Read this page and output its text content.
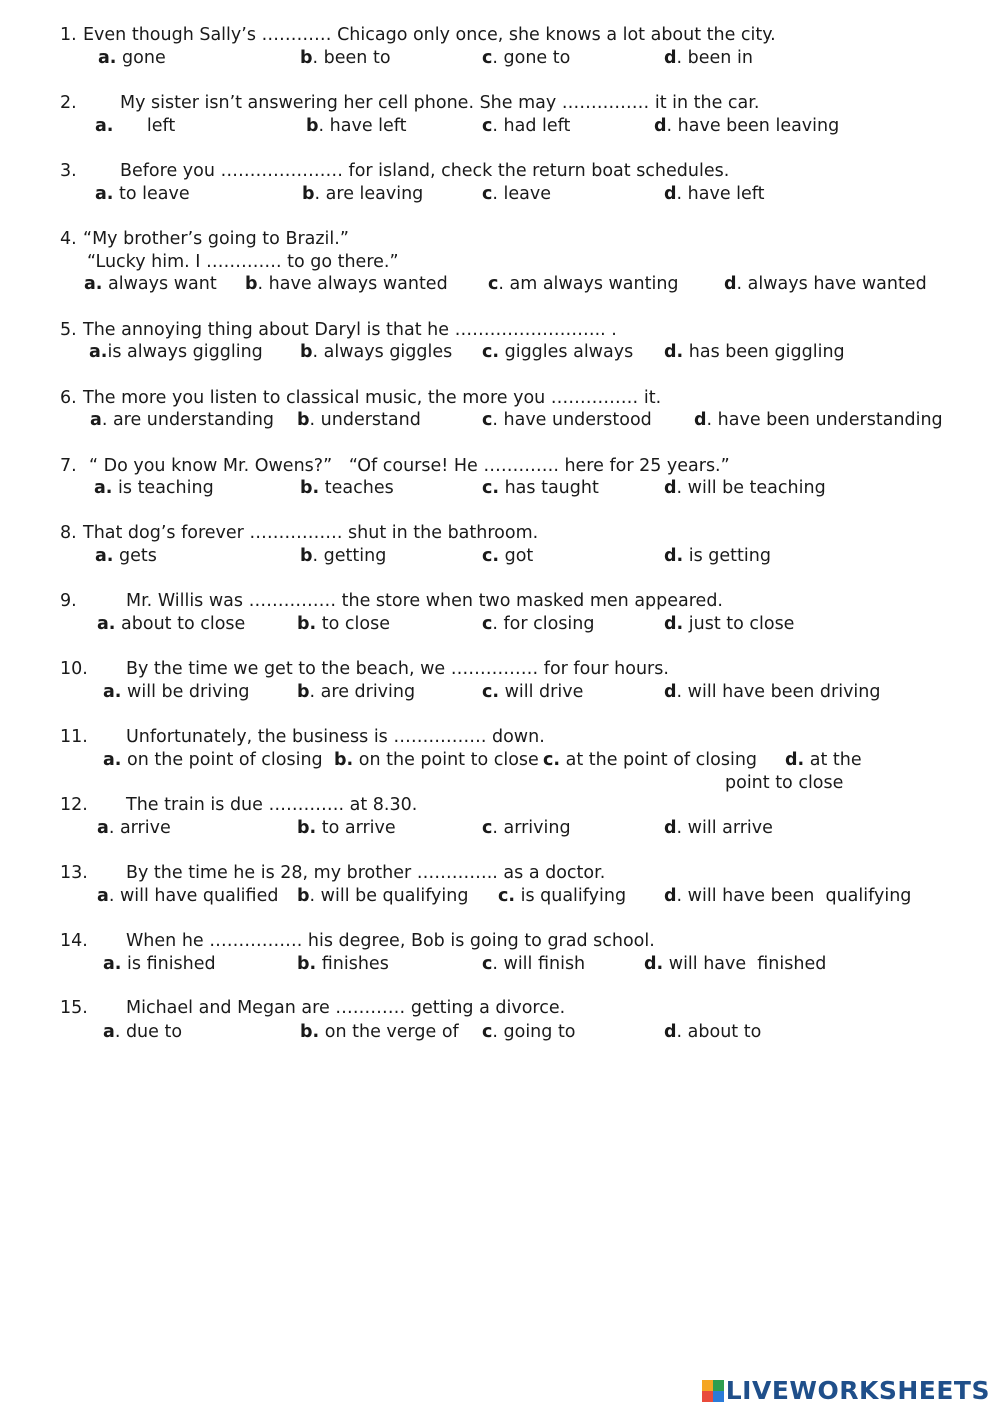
1. Even though Sally’s ………… Chicago only once, she knows a lot about the city.
a. gone	b. been to	c. gone to	d. been in
2. My sister isn’t answering her cell phone. She may …………… it in the car.
a.      left	b. have left	c. had left	d. have been leaving
3. Before you ………………… for island, check the return boat schedules.
a. to leave	b. are leaving	c. leave	d. have left
4. “My brother’s going to Brazil.”
“Lucky him. I …………. to go there.”
a. always want b. have always wanted c. am always wanting	d. always have wanted
5. The annoying thing about Daryl is that he …………………….. .
a.is always giggling b. always giggles c. giggles always d. has been giggling
6. The more you listen to classical music, the more you …………… it.
a. are understanding b. understand	c. have understood d. have been understanding
7. “ Do you know Mr. Owens?”   “Of course! He …………. here for 25 years.”
a. is teaching	b. teaches	c. has taught	d. will be teaching
8. That dog’s forever ……………. shut in the bathroom.
a. gets	b. getting	c. got	d. is getting
9.	Mr. Willis was …………… the store when two masked men appeared.
a. about to close	b. to close	c. for closing	d. just to close
10. By the time we get to the beach, we …………… for four hours.
a. will be driving	b. are driving	c. will drive	d. will have been driving
11. Unfortunately, the business is ……………. down.
a. on the point of closing b. on the point to close c. at the point of closing d. at the
point to close
12. The train is due …………. at 8.30.
a. arrive	b. to arrive	c. arriving	d. will arrive
13. By the time he is 28, my brother ………….. as a doctor.
a. will have qualified b. will be qualifying c. is qualifying d. will have been  qualifying
14. When he ……………. his degree, Bob is going to grad school.
a. is finished	b. finishes	c. will finish	d. will have  finished
15. Michael and Megan are ………… getting a divorce.
a. due to	b. on the verge of c. going to	d. about to
LIVEWORKSHEETS
